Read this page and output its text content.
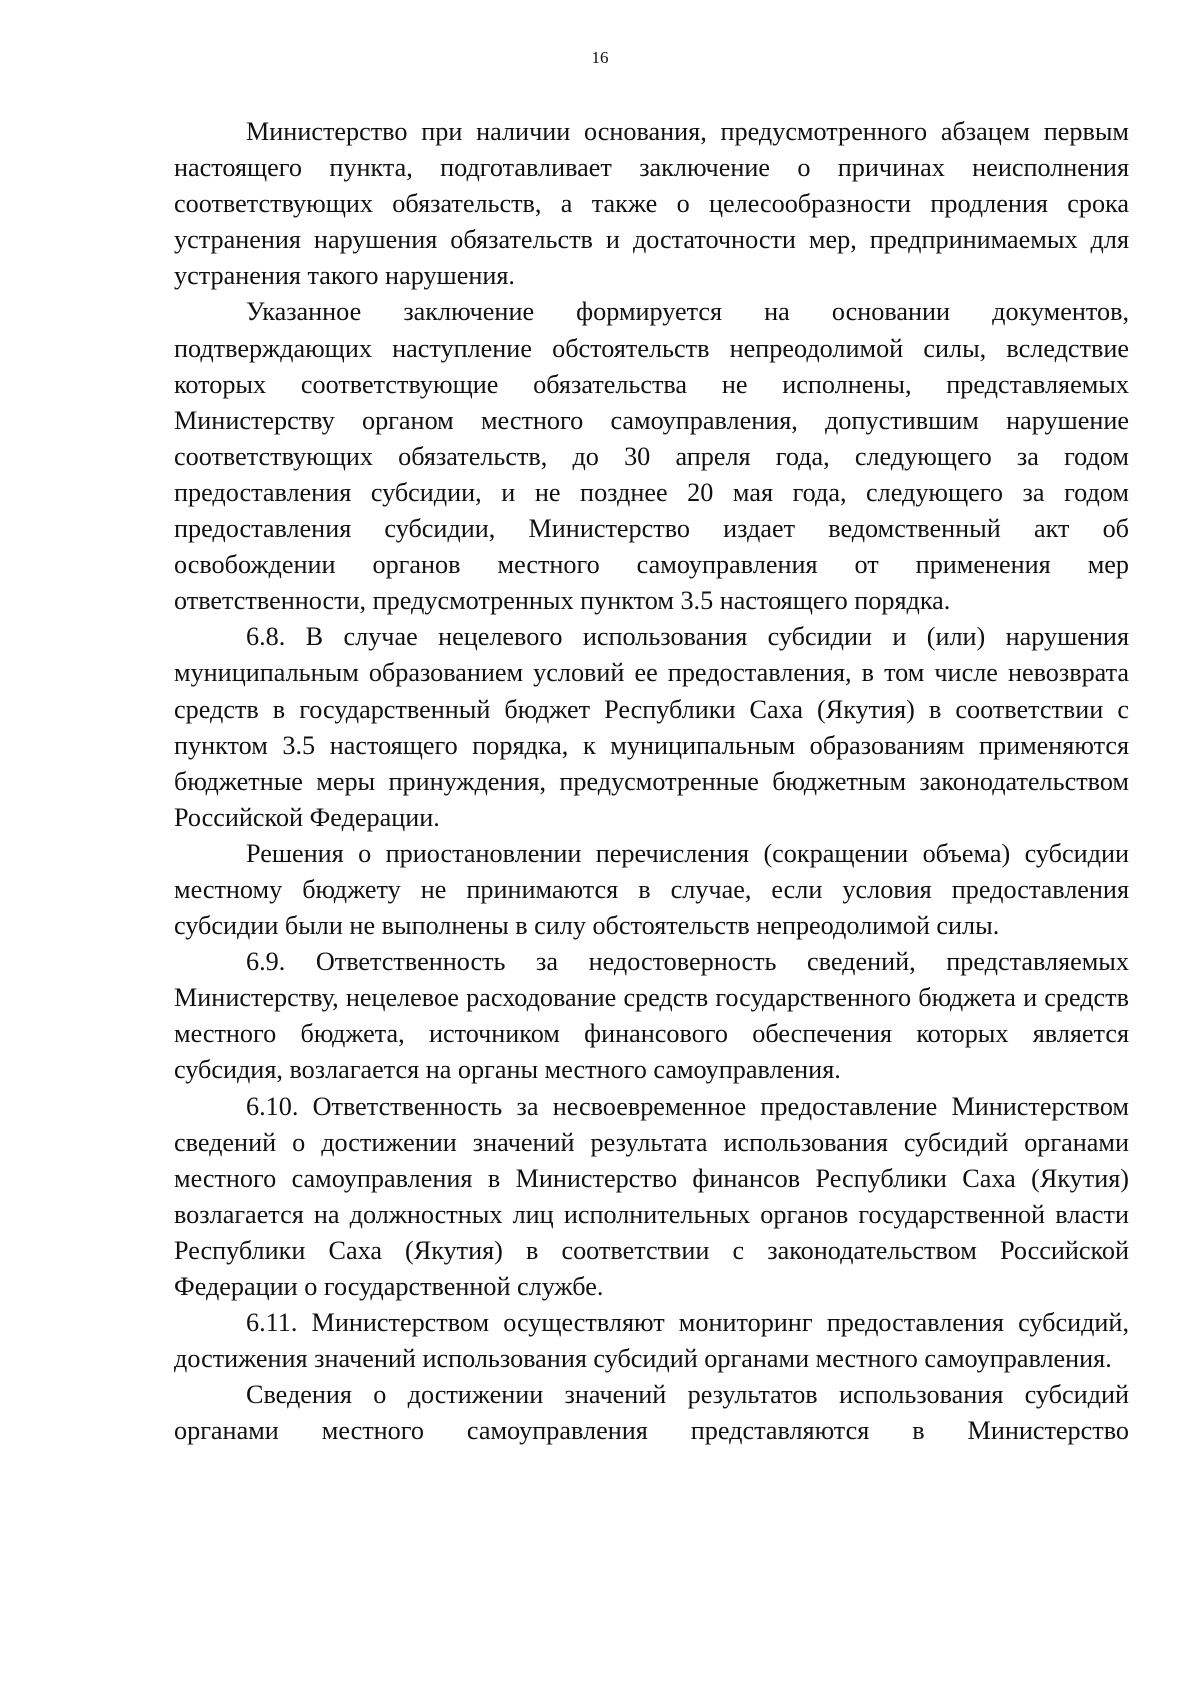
16

Министерство при наличии основания, предусмотренного абзацем первым настоящего пункта, подготавливает заключение о причинах неисполнения соответствующих обязательств, а также о целесообразности продления срока устранения нарушения обязательств и достаточности мер, предпринимаемых для устранения такого нарушения.

Указанное заключение формируется на основании документов, подтверждающих наступление обстоятельств непреодолимой силы, вследствие которых соответствующие обязательства не исполнены, представляемых Министерству органом местного самоуправления, допустившим нарушение соответствующих обязательств, до 30 апреля года, следующего за годом предоставления субсидии, и не позднее 20 мая года, следующего за годом предоставления субсидии, Министерство издает ведомственный акт об освобождении органов местного самоуправления от применения мер ответственности, предусмотренных пунктом 3.5 настоящего порядка.

6.8. В случае нецелевого использования субсидии и (или) нарушения муниципальным образованием условий ее предоставления, в том числе невозврата средств в государственный бюджет Республики Саха (Якутия) в соответствии с пунктом 3.5 настоящего порядка, к муниципальным образованиям применяются бюджетные меры принуждения, предусмотренные бюджетным законодательством Российской Федерации.

Решения о приостановлении перечисления (сокращении объема) субсидии местному бюджету не принимаются в случае, если условия предоставления субсидии были не выполнены в силу обстоятельств непреодолимой силы.

6.9. Ответственность за недостоверность сведений, представляемых Министерству, нецелевое расходование средств государственного бюджета и средств местного бюджета, источником финансового обеспечения которых является субсидия, возлагается на органы местного самоуправления.

6.10. Ответственность за несвоевременное предоставление Министерством сведений о достижении значений результата использования субсидий органами местного самоуправления в Министерство финансов Республики Саха (Якутия) возлагается на должностных лиц исполнительных органов государственной власти Республики Саха (Якутия) в соответствии с законодательством Российской Федерации о государственной службе.

6.11. Министерством осуществляют мониторинг предоставления субсидий, достижения значений использования субсидий органами местного самоуправления.

Сведения о достижении значений результатов использования субсидий органами местного самоуправления представляются в Министерство
